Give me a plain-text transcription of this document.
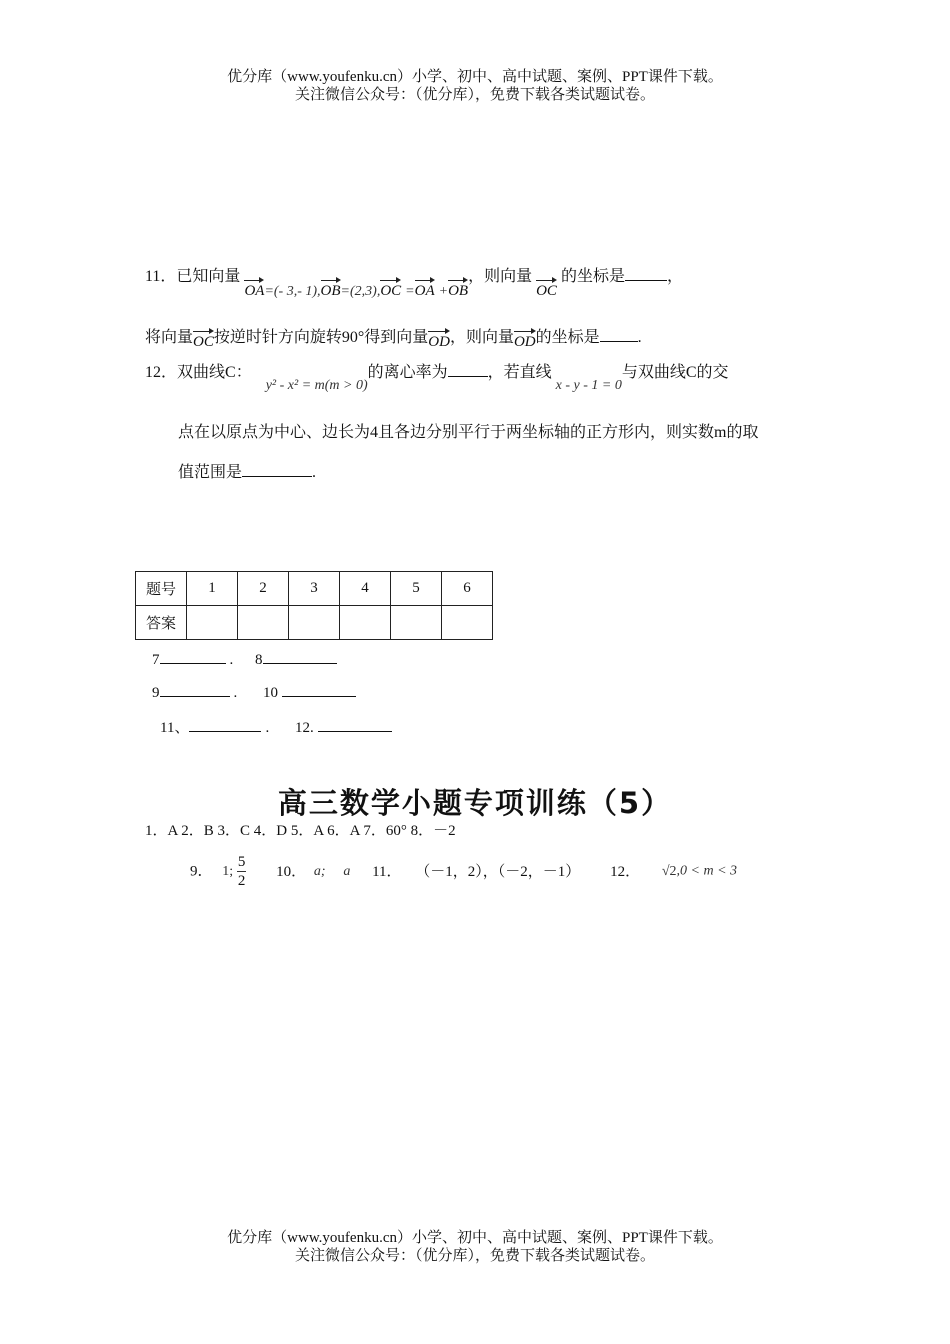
优分库（www.youfenku.cn）小学、初中、高中试题、案例、PPT课件下载。
关注微信公众号：（优分库），免费下载各类试题试卷。
11．已知向量 OA=(- 3,- 1),OB=(2,3),OC =OA +OB，则向量 OC 的坐标是	，
将向量OC按逆时针方向旋转90°得到向量OD，则向量OD的坐标是 .
12．双曲线C： y² - x² = m(m > 0)的离心率为	，若直线 x - y - 1 = 0与双曲线C的交
点在以原点为中心、边长为4且各边分别平行于两坐标轴的正方形内，则实数m的取
值范围是	.
题号	1	2	3	4	5	6
答案						
7	. 8
9	. 10
11、	. 12.
高三数学小题专项训练（5）
1．A 2．B 3．C 4．D 5．A 6．A 7．60° 8．－2
9． 1; $\frac{5}{2} 10$． a; a 11． （－1，2），（－2，－1） 12． √2,0 < m < 3
优分库（www.youfenku.cn）小学、初中、高中试题、案例、PPT课件下载。
关注微信公众号：（优分库），免费下载各类试题试卷。
